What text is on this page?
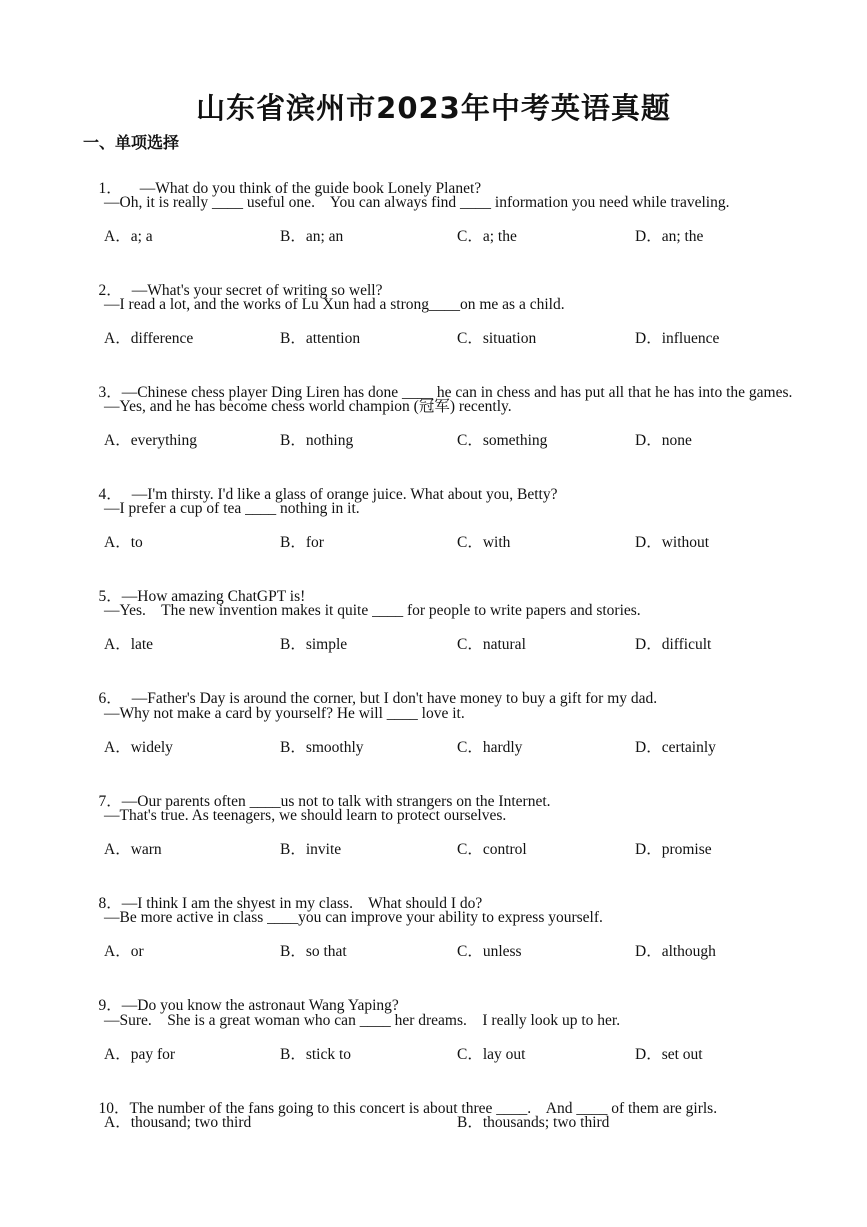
山东省滨州市2023年中考英语真题
一、单项选择

1． —What do you think of the guide book Lonely Planet?

—Oh, it is really ____ useful one.    You can always find ____ information you need while traveling.
A．a; a	B．an; an	C．a; the	D．an; the

2． —What's your secret of writing so well?

—I read a lot, and the works of Lu Xun had a strong____on me as a child.
A．difference	B．attention	C．situation	D．influence

3．—Chinese chess player Ding Liren has done ____ he can in chess and has put all that he has into the games.

—Yes, and he has become chess world champion (冠军) recently.
A．everything	B．nothing	C．something	D．none

4． —I'm thirsty. I'd like a glass of orange juice. What about you, Betty?

—I prefer a cup of tea ____ nothing in it.
A．to	B．for	C．with	D．without

5．—How amazing ChatGPT is!

—Yes.    The new invention makes it quite ____ for people to write papers and stories.
A．late	B．simple	C．natural	D．difficult

6． —Father's Day is around the corner, but I don't have money to buy a gift for my dad.

—Why not make a card by yourself? He will ____ love it.
A．widely	B．smoothly	C．hardly	D．certainly

7．—Our parents often ____us not to talk with strangers on the Internet.

—That's true. As teenagers, we should learn to protect ourselves.
A．warn	B．invite	C．control	D．promise

8．—I think I am the shyest in my class.    What should I do?

—Be more active in class ____you can improve your ability to express yourself.
A．or	B．so that	C．unless	D．although

9．—Do you know the astronaut Wang Yaping?

—Sure.    She is a great woman who can ____ her dreams.    I really look up to her.
A．pay for	B．stick to	C．lay out	D．set out

10．The number of the fans going to this concert is about three ____.    And ____ of them are girls.

A．thousand; two third	B．thousands; two third
